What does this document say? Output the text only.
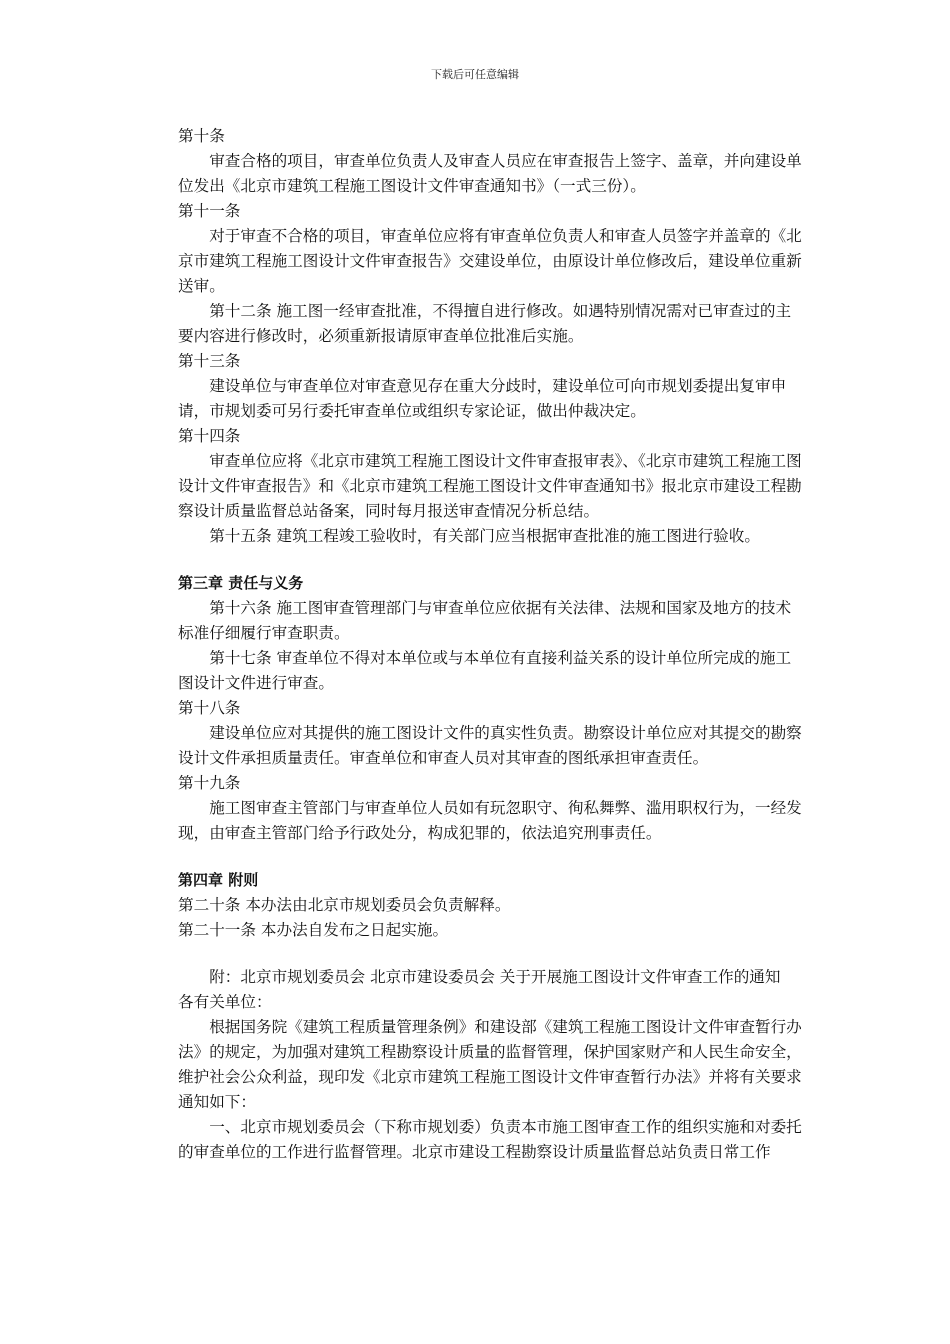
下载后可任意编辑

第十条

审查合格的项目，审查单位负责人及审查人员应在审查报告上签字、盖章，并向建设单位发出《北京市建筑工程施工图设计文件审查通知书》（一式三份）。

第十一条

对于审查不合格的项目，审查单位应将有审查单位负责人和审查人员签字并盖章的《北京市建筑工程施工图设计文件审查报告》交建设单位，由原设计单位修改后，建设单位重新送审。

第十二条 施工图一经审查批准，不得擅自进行修改。如遇特别情况需对已审查过的主要内容进行修改时，必须重新报请原审查单位批准后实施。

第十三条

建设单位与审查单位对审查意见存在重大分歧时，建设单位可向市规划委提出复审申请，市规划委可另行委托审查单位或组织专家论证，做出仲裁决定。

第十四条

审查单位应将《北京市建筑工程施工图设计文件审查报审表》、《北京市建筑工程施工图设计文件审查报告》和《北京市建筑工程施工图设计文件审查通知书》报北京市建设工程勘察设计质量监督总站备案，同时每月报送审查情况分析总结。

第十五条 建筑工程竣工验收时，有关部门应当根据审查批准的施工图进行验收。

第三章 责任与义务

第十六条 施工图审查管理部门与审查单位应依据有关法律、法规和国家及地方的技术标准仔细履行审查职责。

第十七条 审查单位不得对本单位或与本单位有直接利益关系的设计单位所完成的施工图设计文件进行审查。

第十八条

建设单位应对其提供的施工图设计文件的真实性负责。勘察设计单位应对其提交的勘察设计文件承担质量责任。审查单位和审查人员对其审查的图纸承担审查责任。

第十九条

施工图审查主管部门与审查单位人员如有玩忽职守、徇私舞弊、滥用职权行为，一经发现，由审查主管部门给予行政处分，构成犯罪的，依法追究刑事责任。

第四章 附则

第二十条 本办法由北京市规划委员会负责解释。

第二十一条 本办法自发布之日起实施。

附：北京市规划委员会 北京市建设委员会 关于开展施工图设计文件审查工作的通知

各有关单位：

根据国务院《建筑工程质量管理条例》和建设部《建筑工程施工图设计文件审查暂行办法》的规定，为加强对建筑工程勘察设计质量的监督管理，保护国家财产和人民生命安全，维护社会公众利益，现印发《北京市建筑工程施工图设计文件审查暂行办法》并将有关要求通知如下：

一、北京市规划委员会（下称市规划委）负责本市施工图审查工作的组织实施和对委托的审查单位的工作进行监督管理。北京市建设工程勘察设计质量监督总站负责日常工作
